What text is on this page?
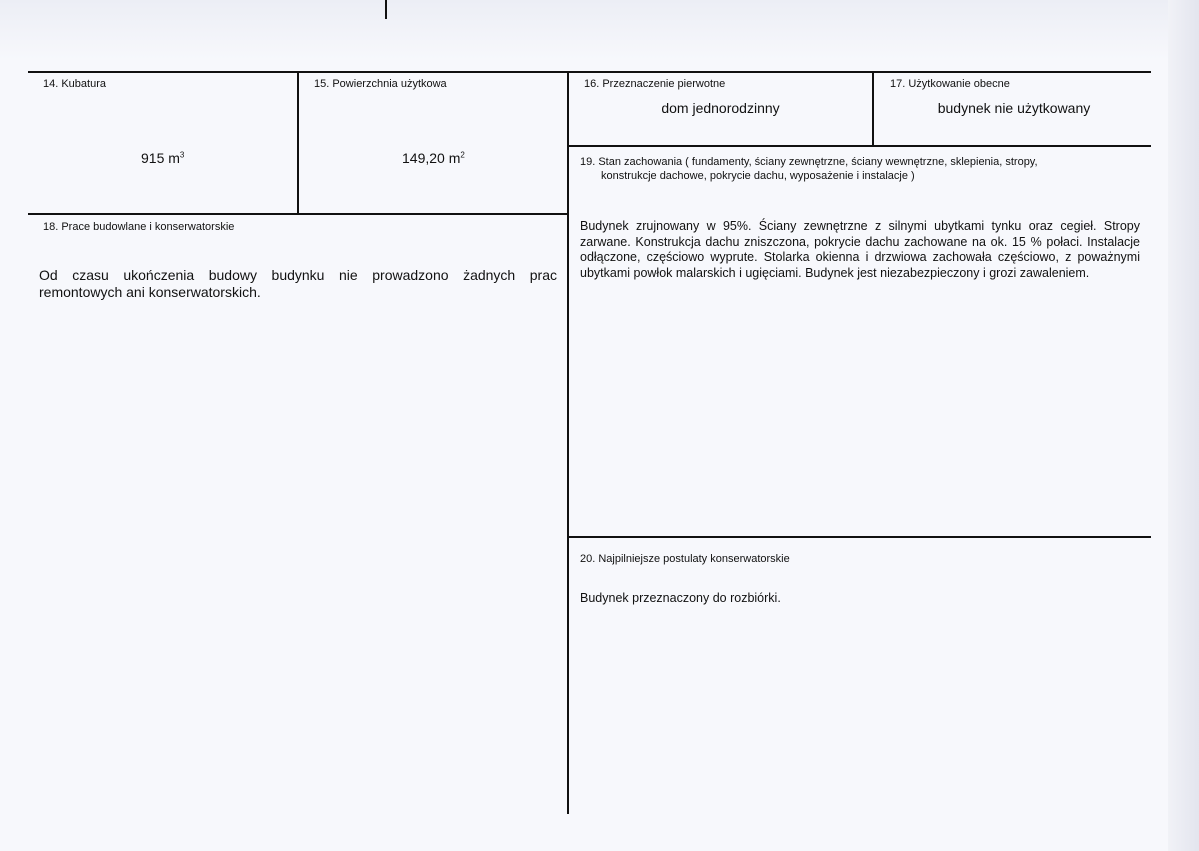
14. Kubatura
915 $m^3$
15. Powierzchnia użytkowa
149,20 $m^2$
16. Przeznaczenie pierwotne
dom jednorodzinny
17. Użytkowanie obecne
budynek nie użytkowany
18. Prace budowlane i konserwatorskie
Od czasu ukończenia budowy budynku nie prowadzono żadnych prac remontowych ani konserwatorskich.
19. Stan zachowania ( fundamenty, ściany zewnętrzne, ściany wewnętrzne, sklepienia, stropy,
konstrukcje dachowe, pokrycie dachu, wyposażenie i instalacje )
Budynek zrujnowany w 95%. Ściany zewnętrzne z silnymi ubytkami tynku oraz cegieł. Stropy zarwane. Konstrukcja dachu zniszczona, pokrycie dachu zachowane na ok. 15 % połaci. Instalacje odłączone, częściowo wyprute. Stolarka okienna i drzwiowa zachowała częściowo, z poważnymi ubytkami powłok malarskich i ugięciami. Budynek jest niezabezpieczony i grozi zawaleniem.
20. Najpilniejsze postulaty konserwatorskie
Budynek przeznaczony do rozbiórki.
